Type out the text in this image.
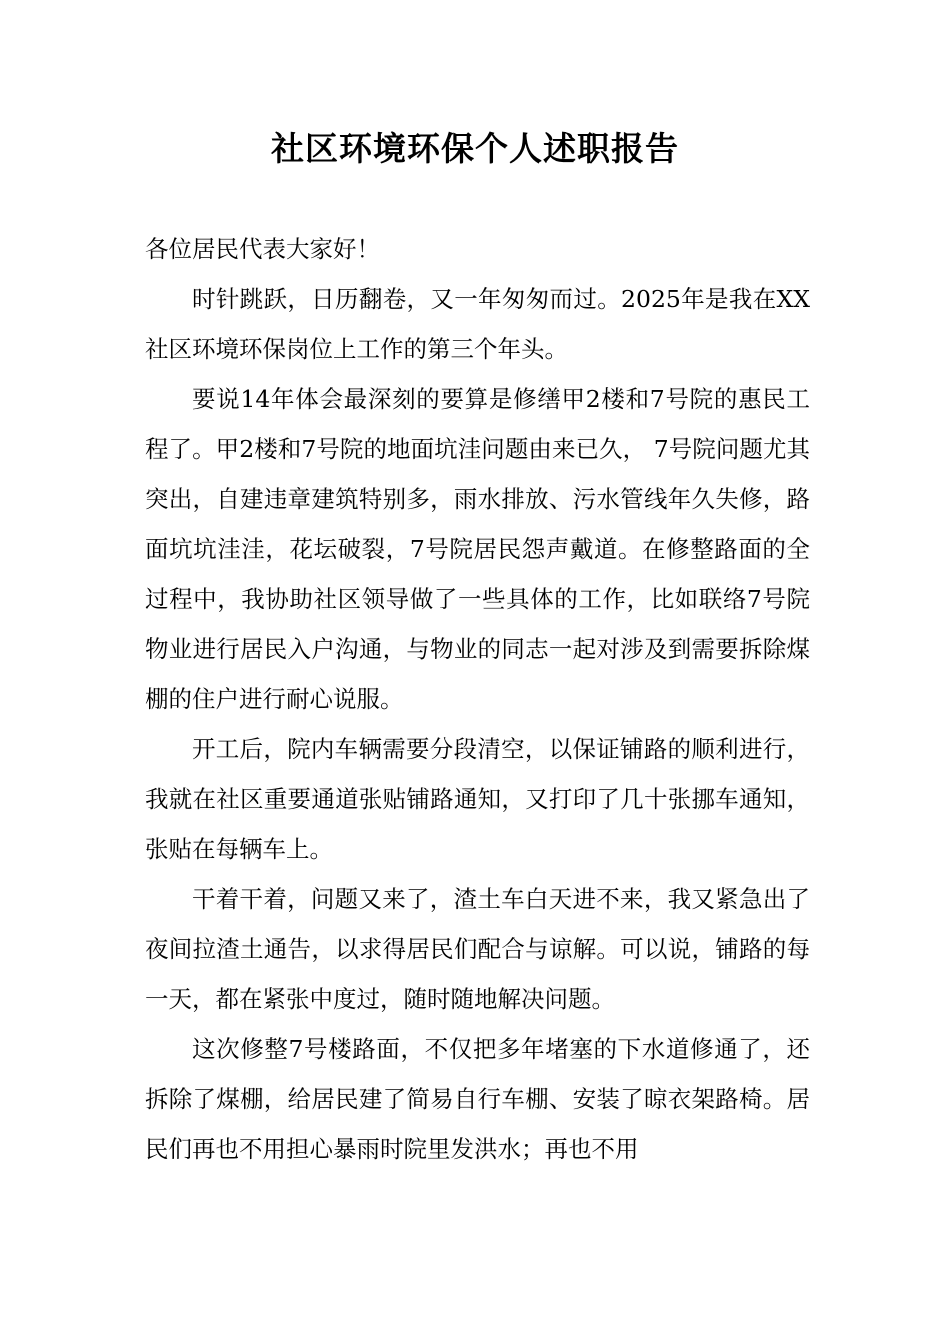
社区环境环保个人述职报告

各位居民代表大家好！

时针跳跃，日历翻卷，又一年匆匆而过。2025年是我在XX社区环境环保岗位上工作的第三个年头。

要说14年体会最深刻的要算是修缮甲2楼和7号院的惠民工程了。甲2楼和7号院的地面坑洼问题由来已久， 7号院问题尤其突出，自建违章建筑特别多，雨水排放、污水管线年久失修，路面坑坑洼洼，花坛破裂，7号院居民怨声戴道。在修整路面的全过程中，我协助社区领导做了一些具体的工作，比如联络7号院物业进行居民入户沟通，与物业的同志一起对涉及到需要拆除煤棚的住户进行耐心说服。

开工后，院内车辆需要分段清空，以保证铺路的顺利进行，我就在社区重要通道张贴铺路通知，又打印了几十张挪车通知，张贴在每辆车上。

干着干着，问题又来了，渣土车白天进不来，我又紧急出了夜间拉渣土通告，以求得居民们配合与谅解。可以说，铺路的每一天，都在紧张中度过，随时随地解决问题。

这次修整7号楼路面，不仅把多年堵塞的下水道修通了，还拆除了煤棚，给居民建了简易自行车棚、安装了晾衣架路椅。居民们再也不用担心暴雨时院里发洪水；再也不用
